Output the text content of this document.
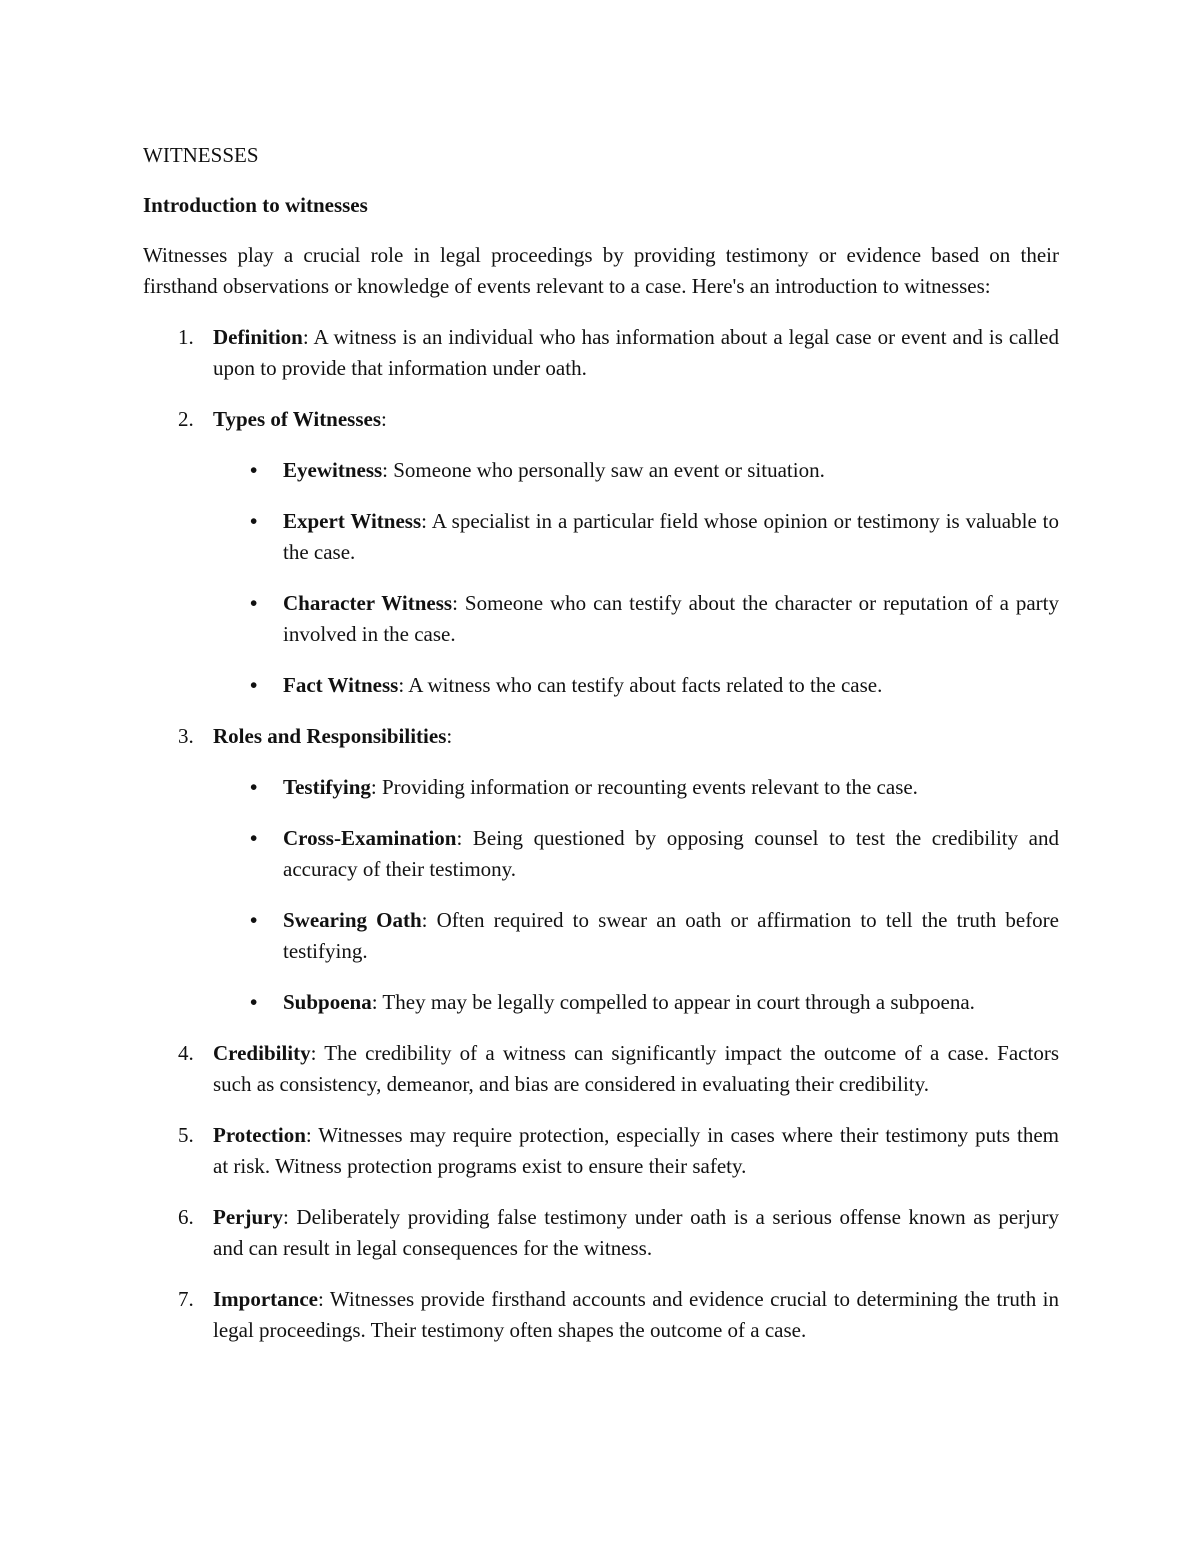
WITNESSES

Introduction to witnesses

Witnesses play a crucial role in legal proceedings by providing testimony or evidence based on their firsthand observations or knowledge of events relevant to a case. Here's an introduction to witnesses:

1. Definition: A witness is an individual who has information about a legal case or event and is called upon to provide that information under oath.
2. Types of Witnesses:
• Eyewitness: Someone who personally saw an event or situation.
• Expert Witness: A specialist in a particular field whose opinion or testimony is valuable to the case.
• Character Witness: Someone who can testify about the character or reputation of a party involved in the case.
• Fact Witness: A witness who can testify about facts related to the case.
3. Roles and Responsibilities:
• Testifying: Providing information or recounting events relevant to the case.
• Cross-Examination: Being questioned by opposing counsel to test the credibility and accuracy of their testimony.
• Swearing Oath: Often required to swear an oath or affirmation to tell the truth before testifying.
• Subpoena: They may be legally compelled to appear in court through a subpoena.
4. Credibility: The credibility of a witness can significantly impact the outcome of a case. Factors such as consistency, demeanor, and bias are considered in evaluating their credibility.
5. Protection: Witnesses may require protection, especially in cases where their testimony puts them at risk. Witness protection programs exist to ensure their safety.
6. Perjury: Deliberately providing false testimony under oath is a serious offense known as perjury and can result in legal consequences for the witness.
7. Importance: Witnesses provide firsthand accounts and evidence crucial to determining the truth in legal proceedings. Their testimony often shapes the outcome of a case.
